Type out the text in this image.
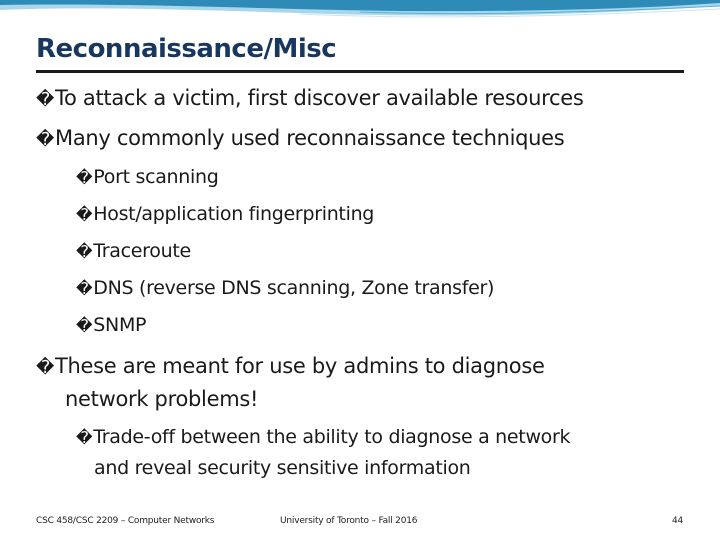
Reconnaissance/Misc
�To attack a victim, first discover available resources
�Many commonly used reconnaissance techniques
�Port scanning
�Host/application fingerprinting
�Traceroute
�DNS (reverse DNS scanning, Zone transfer)
�SNMP
�These are meant for use by admins to diagnose
network problems!
�Trade-off between the ability to diagnose a network
and reveal security sensitive information
CSC 458/CSC 2209 – Computer Networks	University of Toronto – Fall 2016	44
